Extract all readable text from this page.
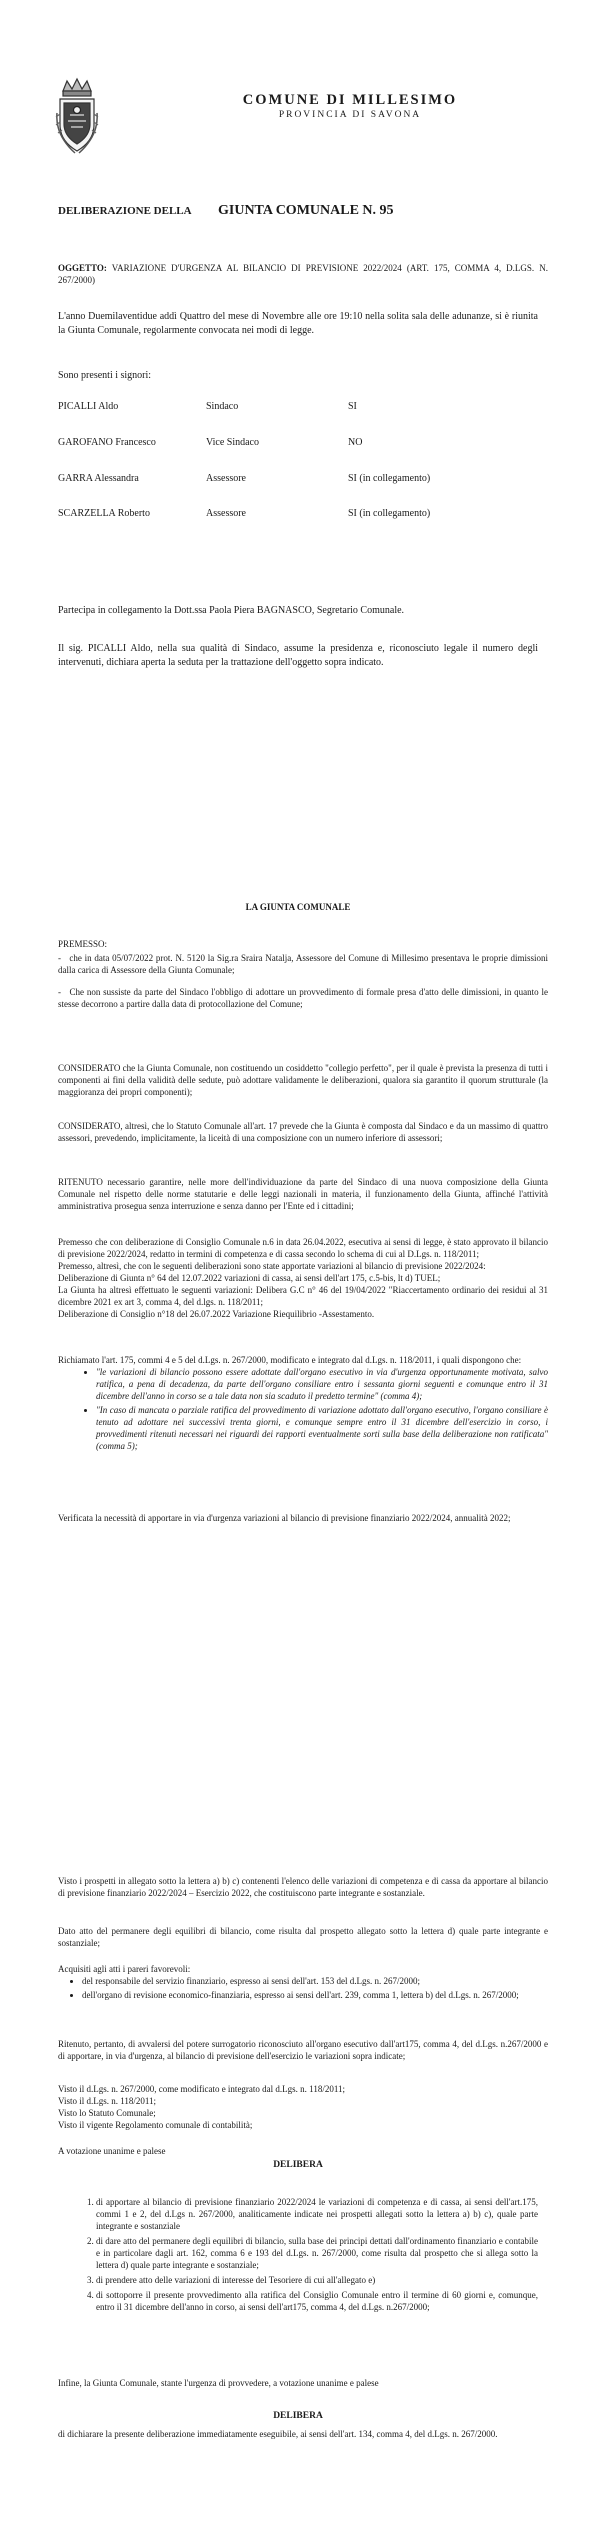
COMUNE DI MILLESIMO
PROVINCIA DI SAVONA
DELIBERAZIONE DELLA GIUNTA COMUNALE N. 95
OGGETTO: VARIAZIONE D'URGENZA AL BILANCIO DI PREVISIONE 2022/2024 (ART. 175, COMMA 4, D.LGS. N. 267/2000)
L'anno Duemilaventidue addì Quattro del mese di Novembre alle ore 19:10 nella solita sala delle adunanze, si è riunita la Giunta Comunale, regolarmente convocata nei modi di legge.
Sono presenti i signori:
PICALLI Aldo	Sindaco	SI
GAROFANO Francesco	Vice Sindaco	NO
GARRA Alessandra	Assessore	SI (in collegamento)
SCARZELLA Roberto	Assessore	SI (in collegamento)
Partecipa in collegamento la Dott.ssa Paola Piera BAGNASCO, Segretario Comunale.
Il sig. PICALLI Aldo, nella sua qualità di Sindaco, assume la presidenza e, riconosciuto legale il numero degli intervenuti, dichiara aperta la seduta per la trattazione dell'oggetto sopra indicato.
LA GIUNTA COMUNALE
PREMESSO:
-   che in data 05/07/2022 prot. N. 5120 la Sig.ra Sraira Natalja, Assessore del Comune di Millesimo presentava le proprie dimissioni dalla carica di Assessore della Giunta Comunale;
-   Che non sussiste da parte del Sindaco l'obbligo di adottare un provvedimento di formale presa d'atto delle dimissioni, in quanto le stesse decorrono a partire dalla data di protocollazione del Comune;
CONSIDERATO che la Giunta Comunale, non costituendo un cosiddetto "collegio perfetto", per il quale è prevista la presenza di tutti i componenti ai fini della validità delle sedute, può adottare validamente le deliberazioni, qualora sia garantito il quorum strutturale (la maggioranza dei propri componenti);
CONSIDERATO, altresì, che lo Statuto Comunale all'art. 17 prevede che la Giunta è composta dal Sindaco e da un massimo di quattro assessori, prevedendo, implicitamente, la liceità di una composizione con un numero inferiore di assessori;
RITENUTO necessario garantire, nelle more dell'individuazione da parte del Sindaco di una nuova composizione della Giunta Comunale nel rispetto delle norme statutarie e delle leggi nazionali in materia, il funzionamento della Giunta, affinché l'attività amministrativa prosegua senza interruzione e senza danno per l'Ente ed i cittadini;
Premesso che con deliberazione di Consiglio Comunale n.6 in data 26.04.2022, esecutiva ai sensi di legge, è stato approvato il bilancio di previsione 2022/2024, redatto in termini di competenza e di cassa secondo lo schema di cui al D.Lgs. n. 118/2011;
Premesso, altresì, che con le seguenti deliberazioni sono state apportate variazioni al bilancio di previsione 2022/2024:
Deliberazione di Giunta n° 64 del 12.07.2022 variazioni di cassa, ai sensi dell'art 175, c.5-bis, lt d) TUEL;
La Giunta ha altresì effettuato le seguenti variazioni: Delibera G.C n° 46 del 19/04/2022 "Riaccertamento ordinario dei residui al 31 dicembre 2021 ex art 3, comma 4, del d.lgs. n. 118/2011;
Deliberazione di Consiglio n°18 del 26.07.2022 Variazione Riequilibrio -Assestamento.
Richiamato l'art. 175, commi 4 e 5 del d.Lgs. n. 267/2000, modificato e integrato dal d.Lgs. n. 118/2011, i quali dispongono che:
• "le variazioni di bilancio possono essere adottate dall'organo esecutivo in via d'urgenza opportunamente motivata, salvo ratifica, a pena di decadenza, da parte dell'organo consiliare entro i sessanta giorni seguenti e comunque entro il 31 dicembre dell'anno in corso se a tale data non sia scaduto il predetto termine" (comma 4);
• "In caso di mancata o parziale ratifica del provvedimento di variazione adottato dall'organo esecutivo, l'organo consiliare è tenuto ad adottare nei successivi trenta giorni, e comunque sempre entro il 31 dicembre dell'esercizio in corso, i provvedimenti ritenuti necessari nei riguardi dei rapporti eventualmente sorti sulla base della deliberazione non ratificata" (comma 5);
Verificata la necessità di apportare in via d'urgenza variazioni al bilancio di previsione finanziario 2022/2024, annualità 2022;
Visto i prospetti in allegato sotto la lettera a) b) c) contenenti l'elenco delle variazioni di competenza e di cassa da apportare al bilancio di previsione finanziario 2022/2024 – Esercizio 2022, che costituiscono parte integrante e sostanziale.
Dato atto del permanere degli equilibri di bilancio, come risulta dal prospetto allegato sotto la lettera d) quale parte integrante e sostanziale;
Acquisiti agli atti i pareri favorevoli:
• del responsabile del servizio finanziario, espresso ai sensi dell'art. 153 del d.Lgs. n. 267/2000;
• dell'organo di revisione economico-finanziaria, espresso ai sensi dell'art. 239, comma 1, lettera b) del d.Lgs. n. 267/2000;
Ritenuto, pertanto, di avvalersi del potere surrogatorio riconosciuto all'organo esecutivo dall'art175, comma 4, del d.Lgs. n.267/2000 e di apportare, in via d'urgenza, al bilancio di previsione dell'esercizio le variazioni sopra indicate;
Visto il d.Lgs. n. 267/2000, come modificato e integrato dal d.Lgs. n. 118/2011;
Visto il d.Lgs. n. 118/2011;
Visto lo Statuto Comunale;
Visto il vigente Regolamento comunale di contabilità;
A votazione unanime e palese
DELIBERA
1. di apportare al bilancio di previsione finanziario 2022/2024 le variazioni di competenza e di cassa, ai sensi dell'art.175, commi 1 e 2, del d.Lgs n. 267/2000, analiticamente indicate nei prospetti allegati sotto la lettera a) b) c), quale parte integrante e sostanziale
2. di dare atto del permanere degli equilibri di bilancio, sulla base dei principi dettati dall'ordinamento finanziario e contabile e in particolare dagli art. 162, comma 6 e 193 del d.Lgs. n. 267/2000, come risulta dal prospetto che si allega sotto la lettera d) quale parte integrante e sostanziale;
3. di prendere atto delle variazioni di interesse del Tesoriere di cui all'allegato e)
4. di sottoporre il presente provvedimento alla ratifica del Consiglio Comunale entro il termine di 60 giorni e, comunque, entro il 31 dicembre dell'anno in corso, ai sensi dell'art175, comma 4, del d.Lgs. n.267/2000;
Infine, la Giunta Comunale, stante l'urgenza di provvedere, a votazione unanime e palese
DELIBERA
di dichiarare la presente deliberazione immediatamente eseguibile, ai sensi dell'art. 134, comma 4, del d.Lgs. n. 267/2000.
